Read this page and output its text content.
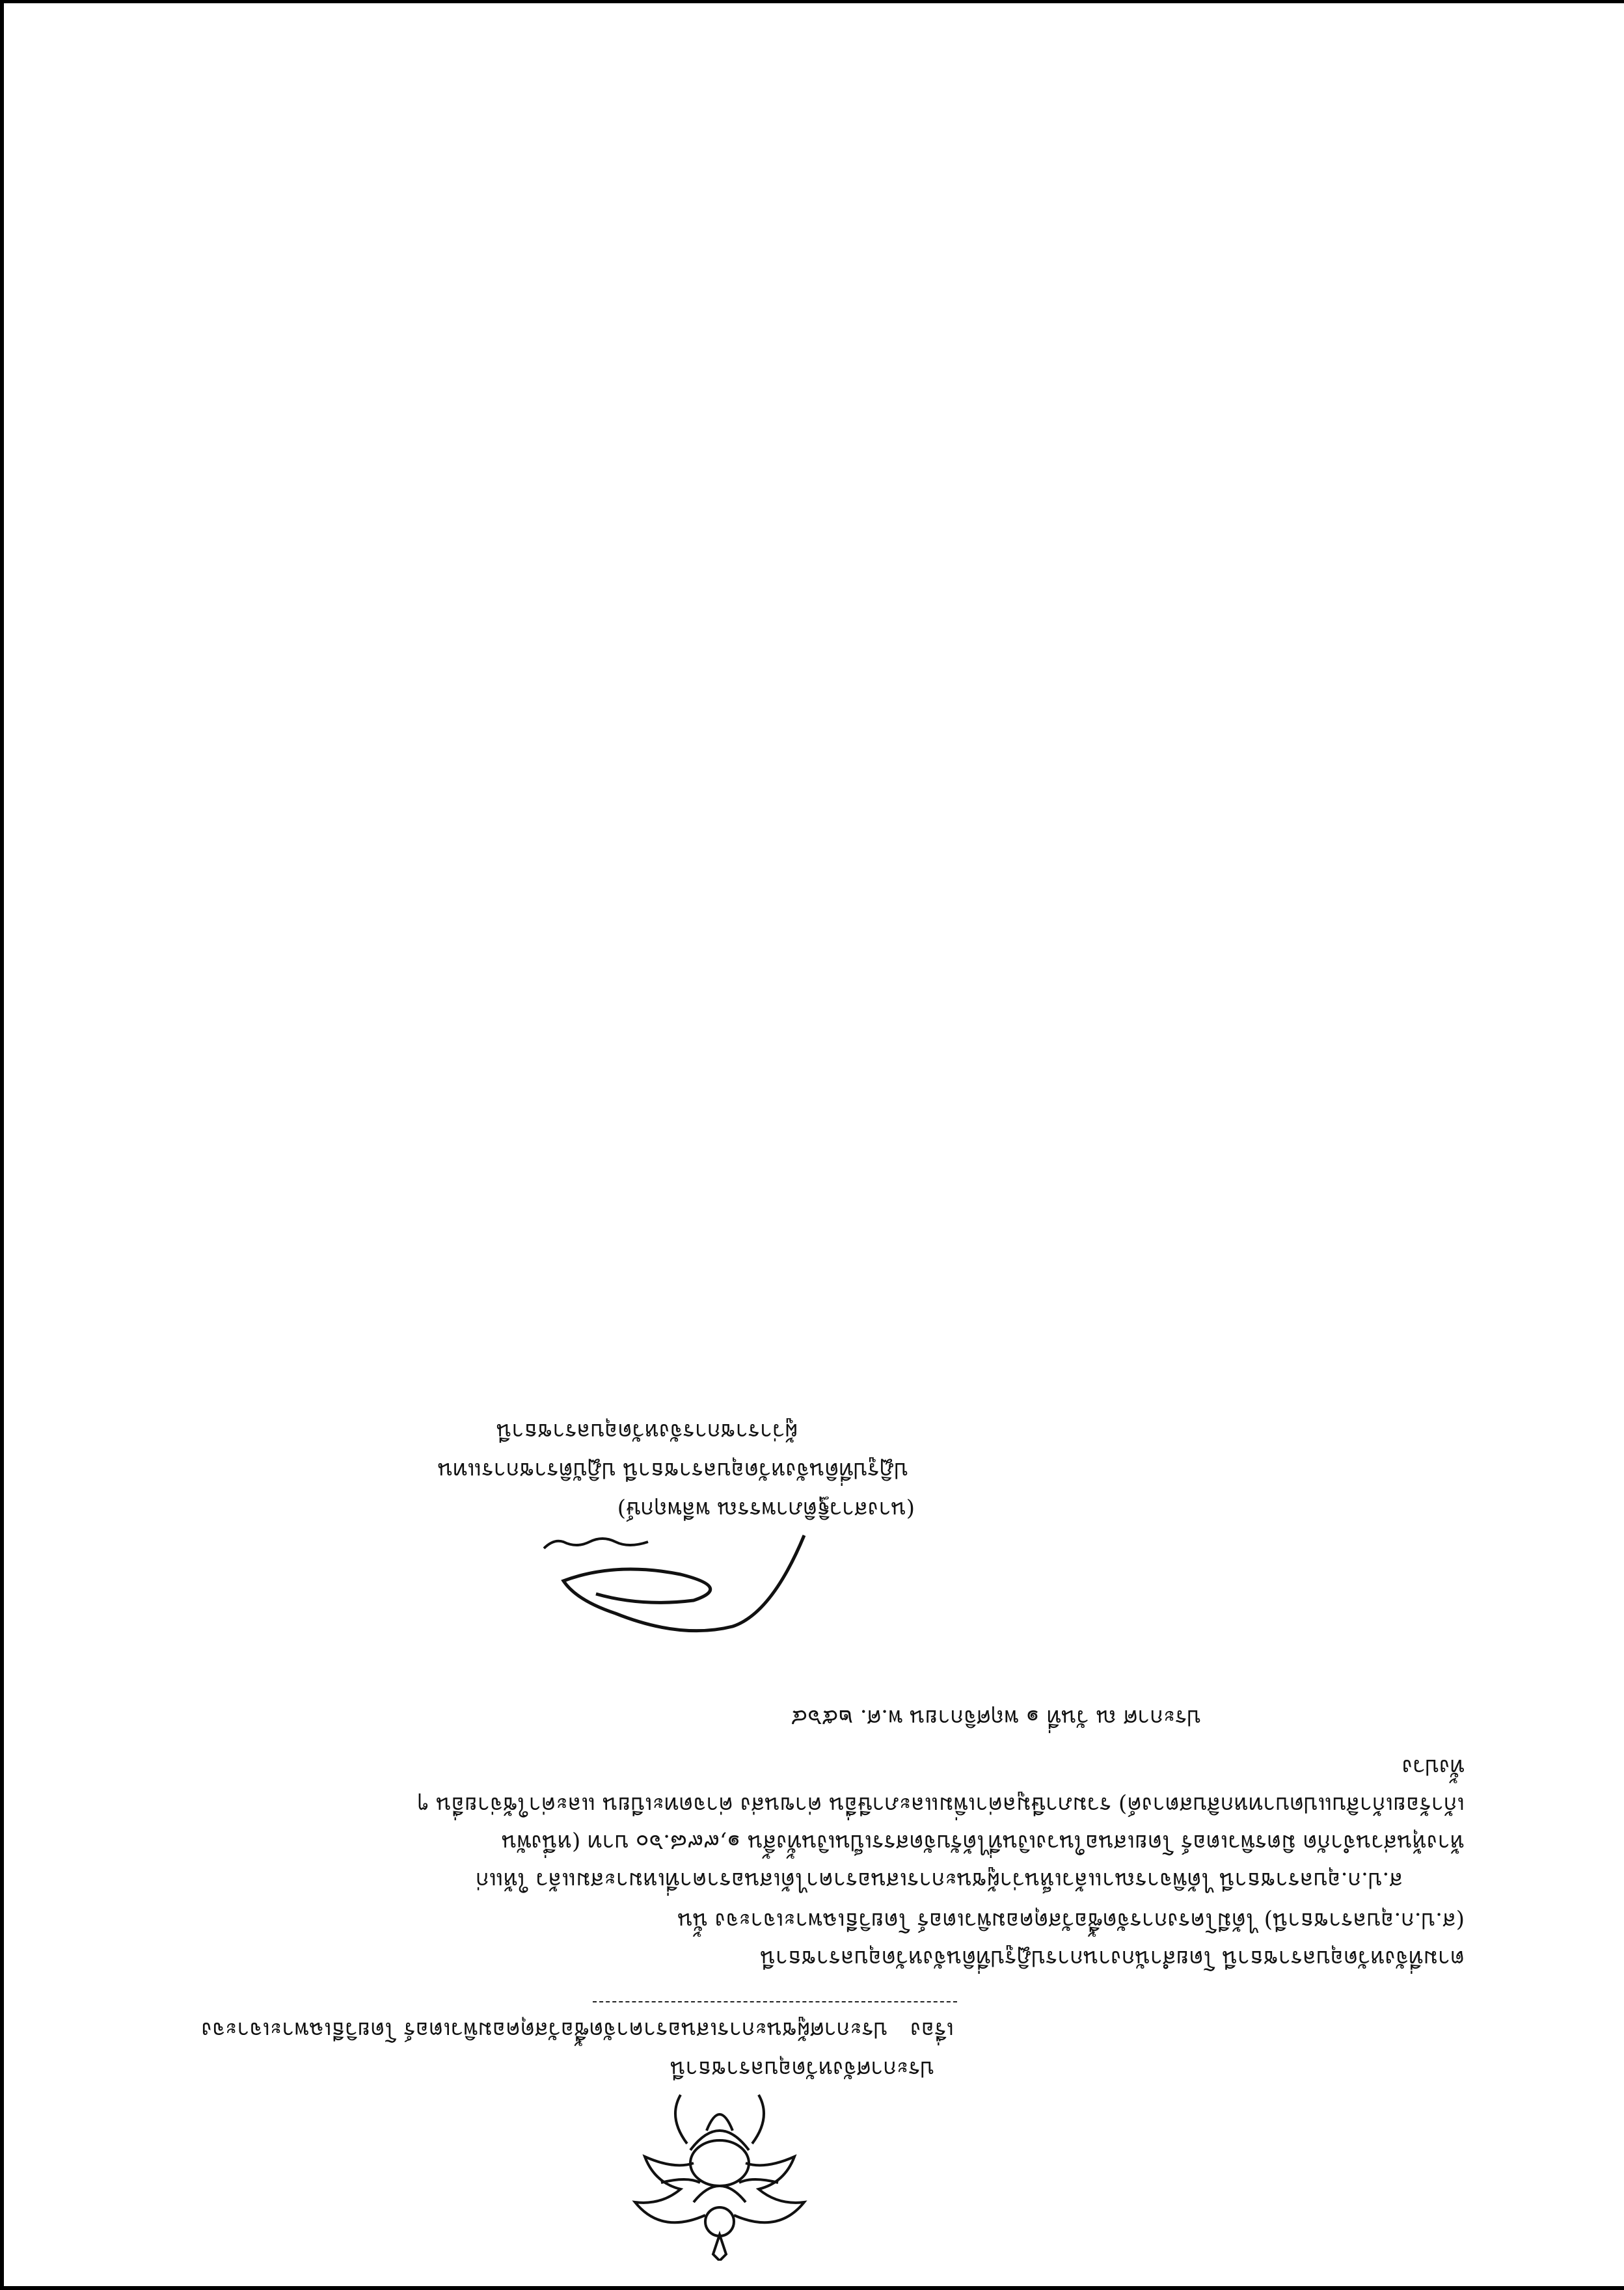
ประกาศจังหวัดอุบลราชธานี
เรื่อง ประกาศผู้ชนะการเสนอราคาจัดซื้อวัสดุคอมพิวเตอร์ โดยวิธีเฉพาะเจาะจง
ตามที่จังหวัดอุบลราชธานี โดยสำนักงานการปฏิรูปที่ดินจังหวัดอุบลราชธานี
(ส.ป.ก.อุบลราชธานี) ได้มีโครงการจัดซื้อวัสดุคอมพิวเตอร์ โดยวิธีเฉพาะเจาะจง นั้น
ส.ป.ก.อุบลราชธานี ได้พิจารณาแล้วเห็นว่าผู้ชนะการเสนอราคาได้เสนอราคาที่เหมาะสมแล้ว ให้แก่
ห้างหุ้นส่วนจำกัด มิตรพิวเตอร์ โดยเสนอในวงเงินที่ได้รับจัดสรรเป็นเงินทั้งสิ้น ๑,๙๙๘.๖๐ บาท (หนึ่งพัน
เก้าร้อยเก้าสิบแปดบาทหกสิบสตางค์) รวมภาษีมูลค่าเพิ่มและภาษีอื่น ค่าขนส่ง ค่าจดทะเบียน และค่าใช้จ่ายอื่น ๆ
ทั้งปวง
ประกาศ ณ วันที่ ๑ พฤศจิกายน พ.ศ. ๒๕๖๔
(นางสาวฐิติภาพรรณ พลีพฤกษ์)
ปฏิรูปที่ดินจังหวัดอุบลราชธานี ปฏิบัติราชการแทน
ผู้ว่าราชการจังหวัดอุบลราชธานี
